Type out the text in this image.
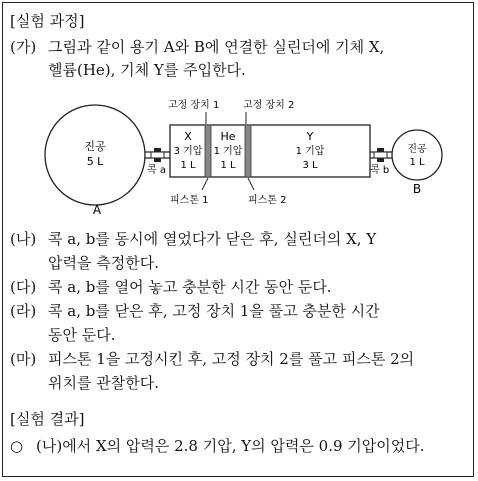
[실험 과정]
(가) 그림과 같이 용기 A와 B에 연결한 실린더에 기체 X,
헬륨(He), 기체 Y를 주입한다.
진공
5 L
A
콕 a
X
3 기압
1 L
He
1 기압
1 L
Y
1 기압
3 L
고정 장치 1 고정 장치 2
피스톤 1	피스톤 2
콕 b
진공
1 L
B
(나) 콕 a, b를 동시에 열었다가 닫은 후, 실린더의 X, Y
압력을 측정한다.
(다) 콕 a, b를 열어 놓고 충분한 시간 동안 둔다.
(라) 콕 a, b를 닫은 후, 고정 장치 1을 풀고 충분한 시간
동안 둔다.
(마) 피스톤 1을 고정시킨 후, 고정 장치 2를 풀고 피스톤 2의
위치를 관찰한다.
[실험 결과]
○ (나)에서 X의 압력은 2.8 기압, Y의 압력은 0.9 기압이었다.
